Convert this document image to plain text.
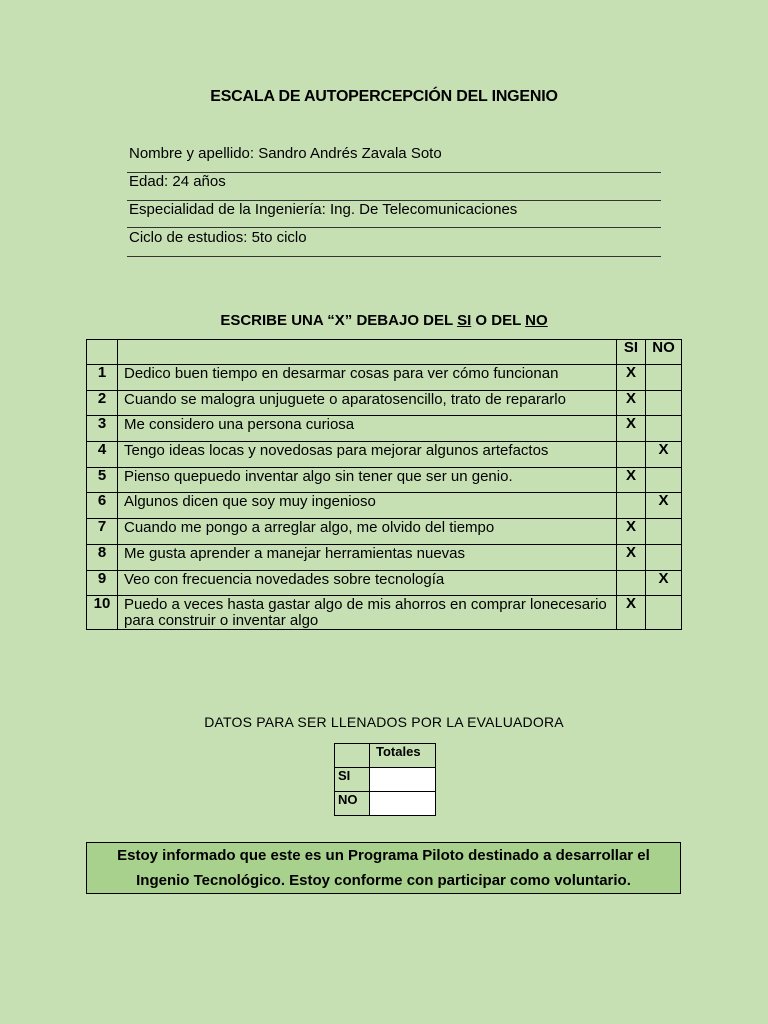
ESCALA DE AUTOPERCEPCIÓN DEL INGENIO
Nombre y apellido: Sandro Andrés Zavala Soto
Edad: 24 años
Especialidad de la Ingeniería: Ing. De Telecomunicaciones
Ciclo de estudios: 5to ciclo
ESCRIBE UNA “X” DEBAJO DEL SI O DEL NO
		SI	NO
1	Dedico buen tiempo en desarmar cosas para ver cómo funcionan	X	
2	Cuando se malogra unjuguete o aparatosencillo, trato de repararlo	X	
3	Me considero una persona curiosa	X	
4	Tengo ideas locas y novedosas para mejorar algunos artefactos		X
5	Pienso quepuedo inventar algo sin tener que ser un genio.	X	
6	Algunos dicen que soy muy ingenioso		X
7	Cuando me pongo a arreglar algo, me olvido del tiempo	X	
8	Me gusta aprender a manejar herramientas nuevas	X	
9	Veo con frecuencia novedades sobre tecnología		X
10	Puedo a veces hasta gastar algo de mis ahorros en comprar lonecesario para construir o inventar algo	X	
DATOS PARA SER LLENADOS POR LA EVALUADORA
	Totales
SI	
NO	
Estoy informado que este es un Programa Piloto destinado a desarrollar el
Ingenio Tecnológico. Estoy conforme con participar como voluntario.
